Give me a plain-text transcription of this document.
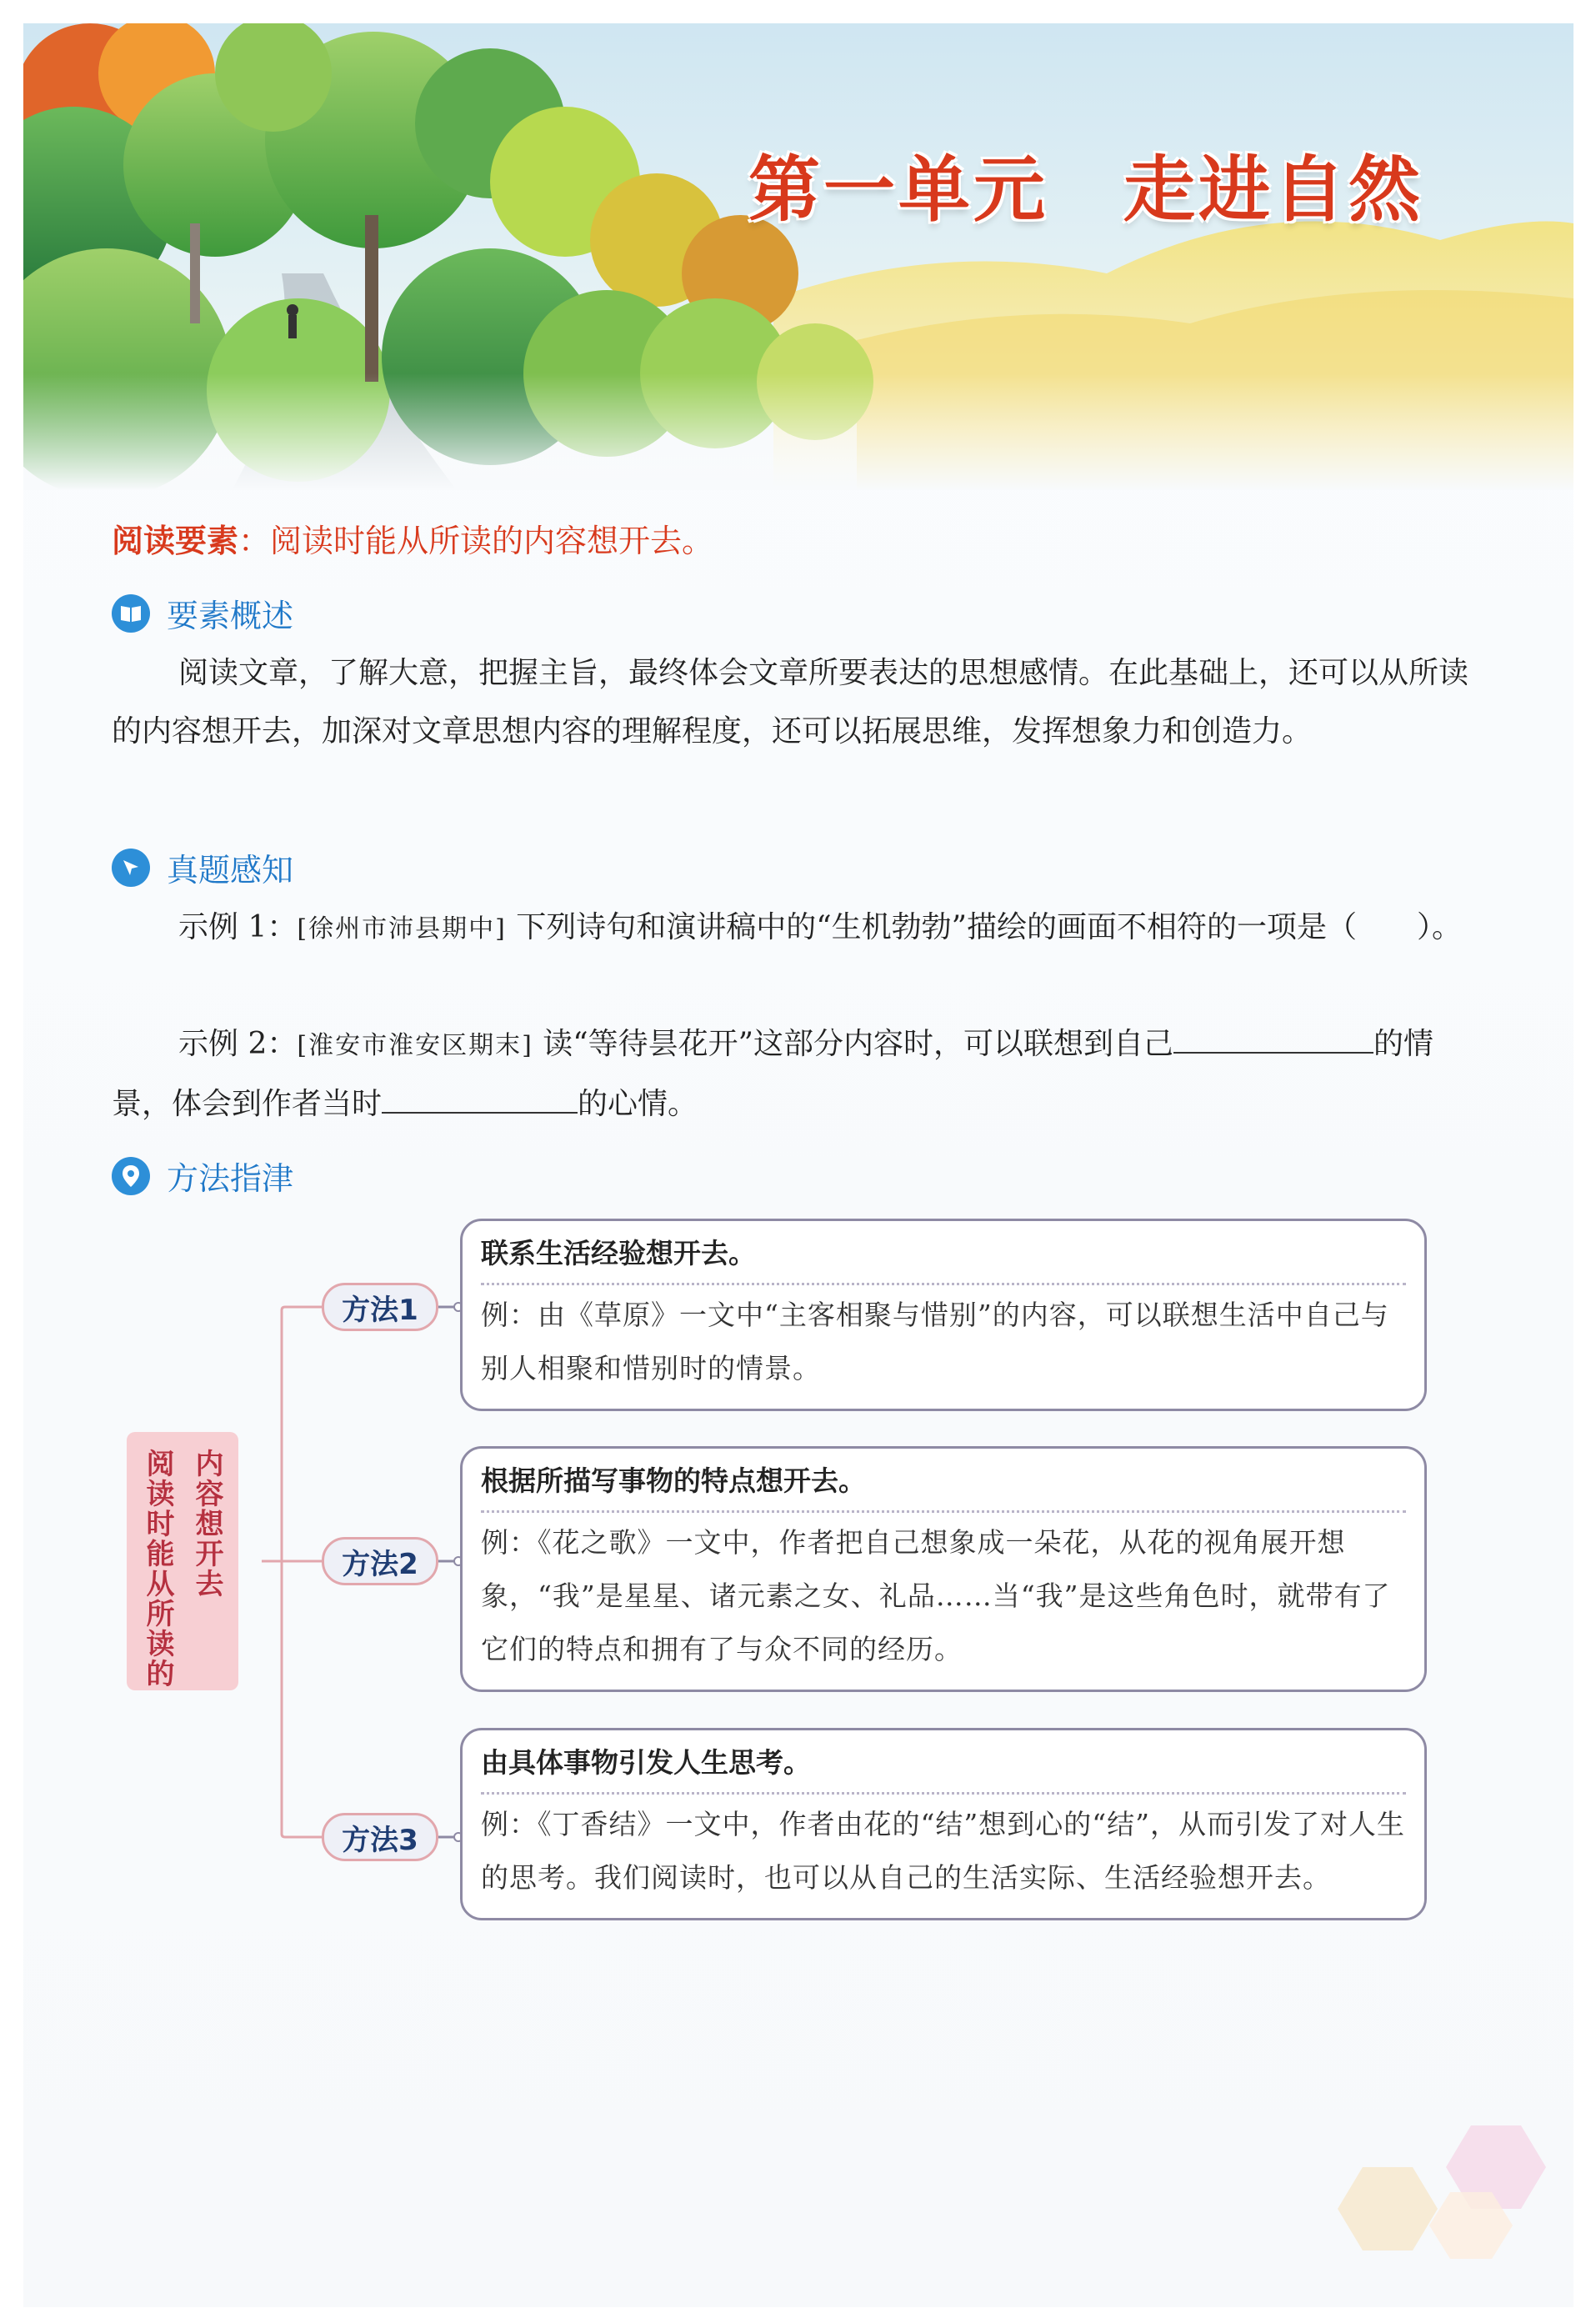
第一单元 走进自然
阅读要素：阅读时能从所读的内容想开去。
要素概述
阅读文章，了解大意，把握主旨，最终体会文章所要表达的思想感情。在此基础上，还可以从所读的内容想开去，加深对文章思想内容的理解程度，还可以拓展思维，发挥想象力和创造力。
真题感知
示例 1：[徐州市沛县期中] 下列诗句和演讲稿中的“生机勃勃”描绘的画面不相符的一项是（　　）。
示例 2：[淮安市淮安区期末] 读“等待昙花开”这部分内容时，可以联想到自己	的情景，体会到作者当时	的心情。
方法指津
内容想开去
阅读时能从所读的
方法1
方法2
方法3
联系生活经验想开去。
例：由《草原》一文中“主客相聚与惜别”的内容，可以联想生活中自己与别人相聚和惜别时的情景。
根据所描写事物的特点想开去。
例：《花之歌》一文中，作者把自己想象成一朵花，从花的视角展开想象，“我”是星星、诸元素之女、礼品……当“我”是这些角色时，就带有了它们的特点和拥有了与众不同的经历。
由具体事物引发人生思考。
例：《丁香结》一文中，作者由花的“结”想到心的“结”，从而引发了对人生的思考。我们阅读时，也可以从自己的生活实际、生活经验想开去。
